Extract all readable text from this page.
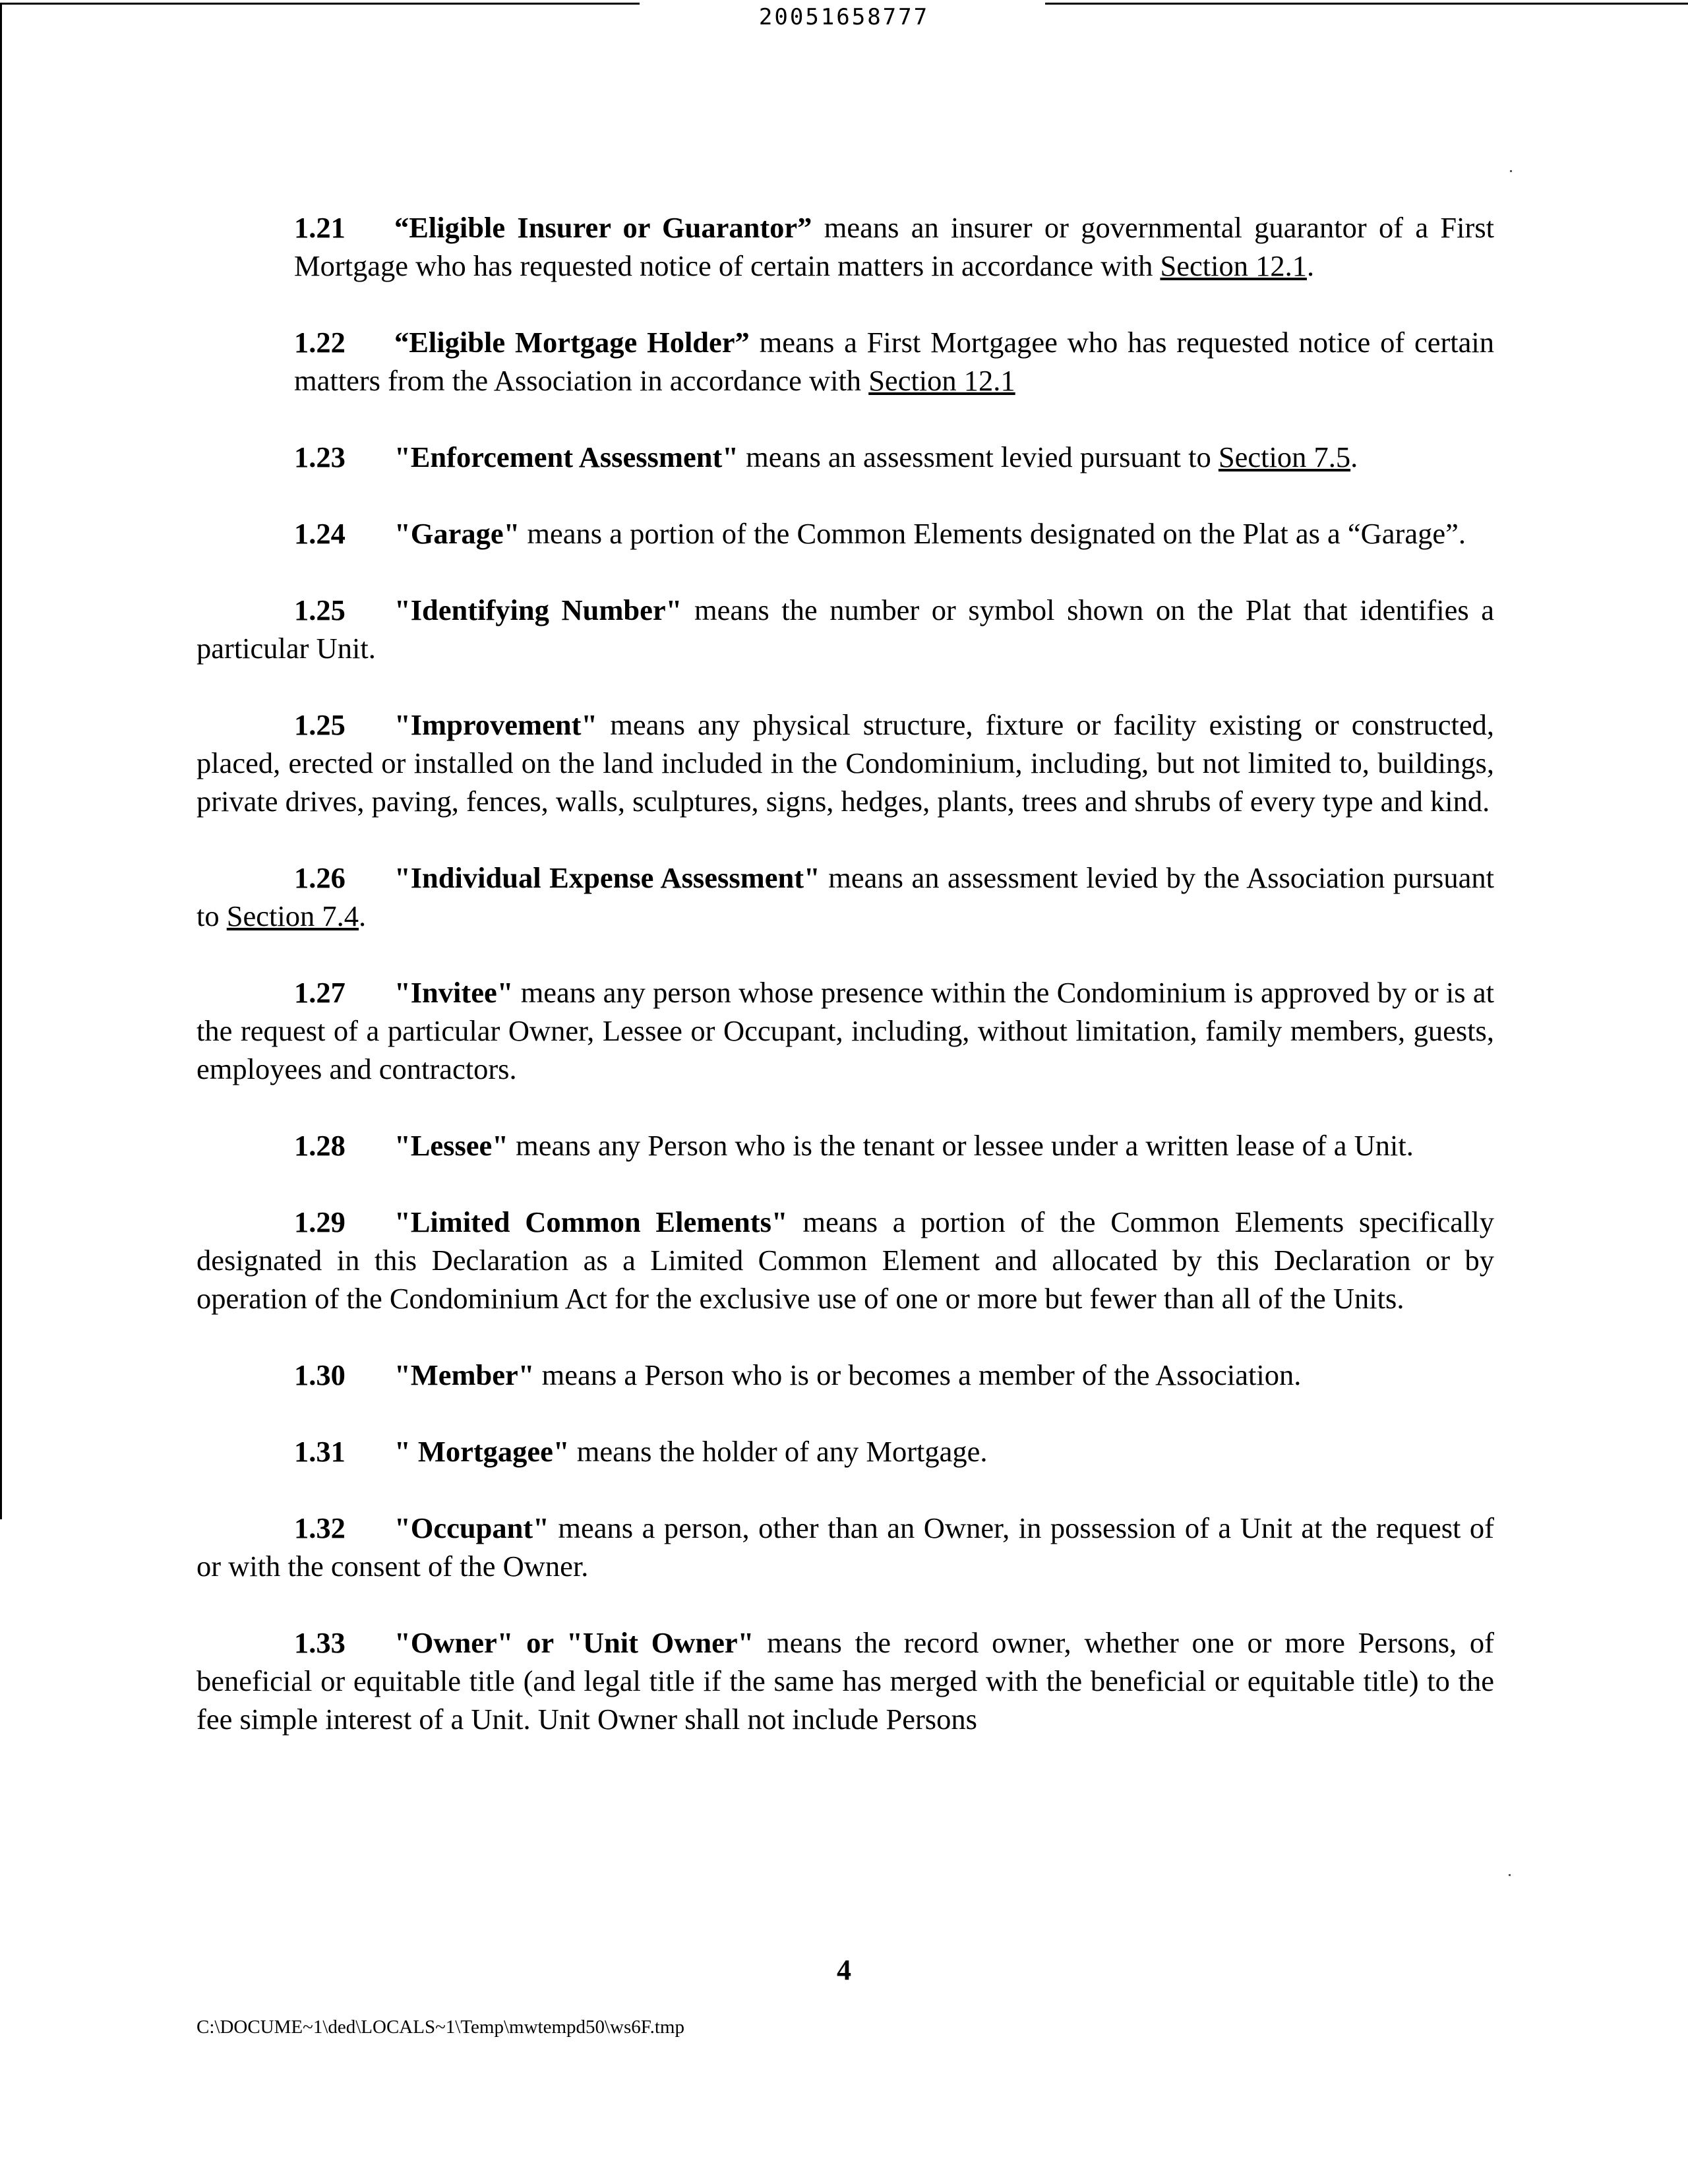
20051658777

1.21 “Eligible Insurer or Guarantor” means an insurer or governmental guarantor of a First Mortgage who has requested notice of certain matters in accordance with Section 12.1.

1.22 “Eligible Mortgage Holder” means a First Mortgagee who has requested notice of certain matters from the Association in accordance with Section 12.1

1.23 "Enforcement Assessment" means an assessment levied pursuant to Section 7.5.

1.24 "Garage" means a portion of the Common Elements designated on the Plat as a “Garage”.

1.25 "Identifying Number" means the number or symbol shown on the Plat that identifies a particular Unit.

1.25 "Improvement" means any physical structure, fixture or facility existing or constructed, placed, erected or installed on the land included in the Condominium, including, but not limited to, buildings, private drives, paving, fences, walls, sculptures, signs, hedges, plants, trees and shrubs of every type and kind.

1.26 "Individual Expense Assessment" means an assessment levied by the Association pursuant to Section 7.4.

1.27 "Invitee" means any person whose presence within the Condominium is approved by or is at the request of a particular Owner, Lessee or Occupant, including, without limitation, family members, guests, employees and contractors.

1.28 "Lessee" means any Person who is the tenant or lessee under a written lease of a Unit.

1.29 "Limited Common Elements" means a portion of the Common Elements specifically designated in this Declaration as a Limited Common Element and allocated by this Declaration or by operation of the Condominium Act for the exclusive use of one or more but fewer than all of the Units.

1.30 "Member" means a Person who is or becomes a member of the Association.

1.31 " Mortgagee" means the holder of any Mortgage.

1.32 "Occupant" means a person, other than an Owner, in possession of a Unit at the request of or with the consent of the Owner.

1.33 "Owner" or "Unit Owner" means the record owner, whether one or more Persons, of beneficial or equitable title (and legal title if the same has merged with the beneficial or equitable title) to the fee simple interest of a Unit. Unit Owner shall not include Persons

4
C:\DOCUME~1\ded\LOCALS~1\Temp\mwtempd50\ws6F.tmp
